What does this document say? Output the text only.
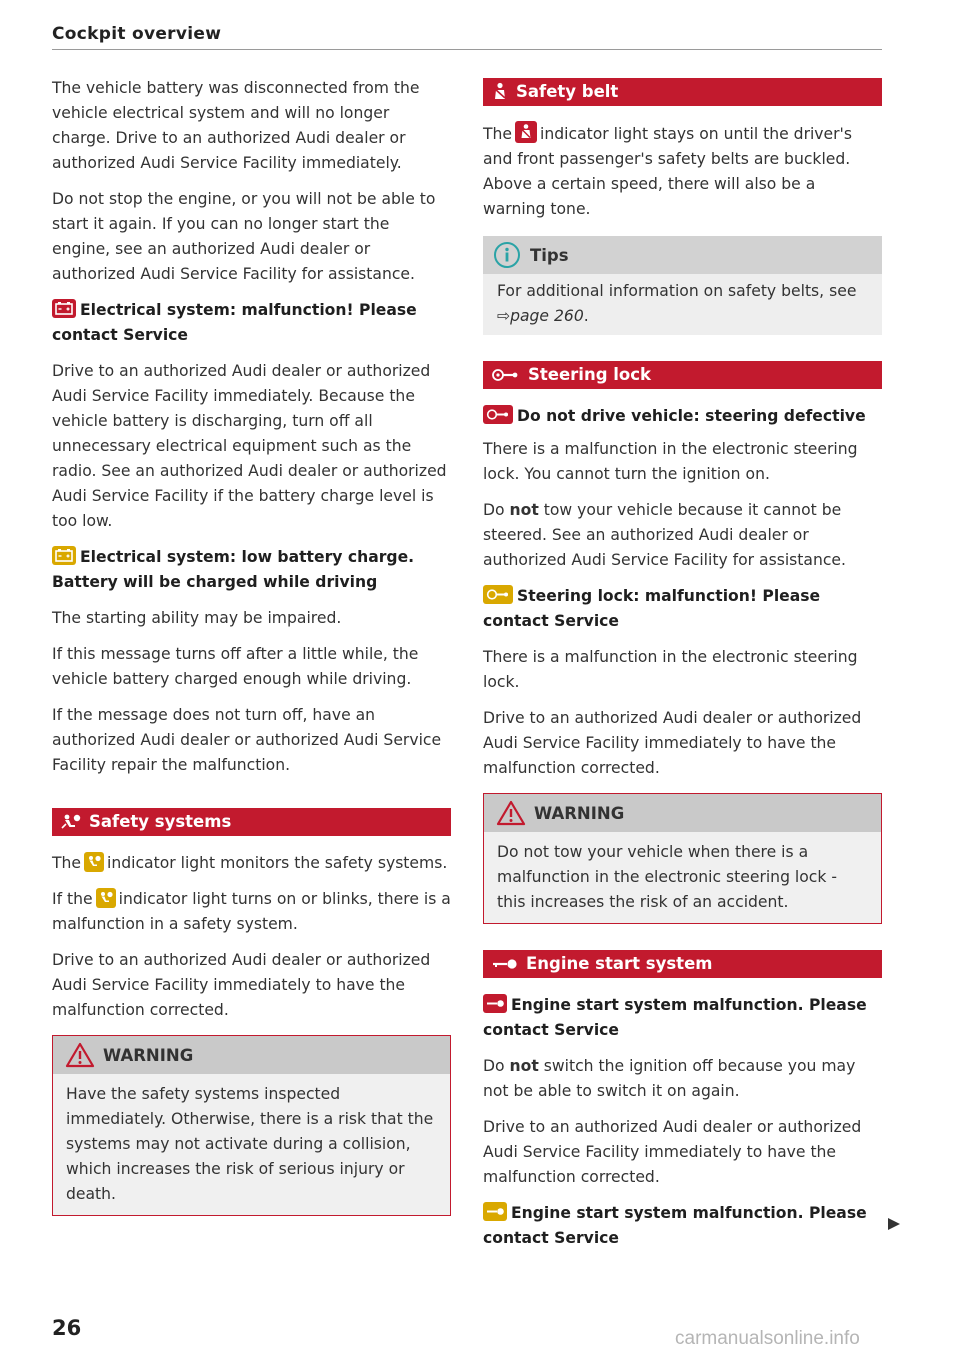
Cockpit overview

The vehicle battery was disconnected from the vehicle electrical system and will no longer charge. Drive to an authorized Audi dealer or authorized Audi Service Facility immediately.

Do not stop the engine, or you will not be able to start it again. If you can no longer start the engine, see an authorized Audi dealer or authorized Audi Service Facility for assistance.

Electrical system: malfunction! Please contact Service

Drive to an authorized Audi dealer or authorized Audi Service Facility immediately. Because the vehicle battery is discharging, turn off all unnecessary electrical equipment such as the radio. See an authorized Audi dealer or authorized Audi Service Facility if the battery charge level is too low.

Electrical system: low battery charge. Battery will be charged while driving

The starting ability may be impaired.

If this message turns off after a little while, the vehicle battery charged enough while driving.

If the message does not turn off, have an authorized Audi dealer or authorized Audi Service Facility repair the malfunction.

Safety systems

The indicator light monitors the safety systems.

If the indicator light turns on or blinks, there is a malfunction in a safety system.

Drive to an authorized Audi dealer or authorized Audi Service Facility immediately to have the malfunction corrected.

WARNING

Have the safety systems inspected immediately. Otherwise, there is a risk that the systems may not activate during a collision, which increases the risk of serious injury or death.

Safety belt

The indicator light stays on until the driver's and front passenger's safety belts are buckled. Above a certain speed, there will also be a warning tone.

Tips

For additional information on safety belts, see ⇨page 260.

Steering lock

Do not drive vehicle: steering defective

There is a malfunction in the electronic steering lock. You cannot turn the ignition on.

Do not tow your vehicle because it cannot be steered. See an authorized Audi dealer or authorized Audi Service Facility for assistance.

Steering lock: malfunction! Please contact Service

There is a malfunction in the electronic steering lock.

Drive to an authorized Audi dealer or authorized Audi Service Facility immediately to have the malfunction corrected.

WARNING

Do not tow your vehicle when there is a malfunction in the electronic steering lock - this increases the risk of an accident.

Engine start system

Engine start system malfunction. Please contact Service

Do not switch the ignition off because you may not be able to switch it on again.

Drive to an authorized Audi dealer or authorized Audi Service Facility immediately to have the malfunction corrected.

Engine start system malfunction. Please contact Service

26	carmanualsonline.info
